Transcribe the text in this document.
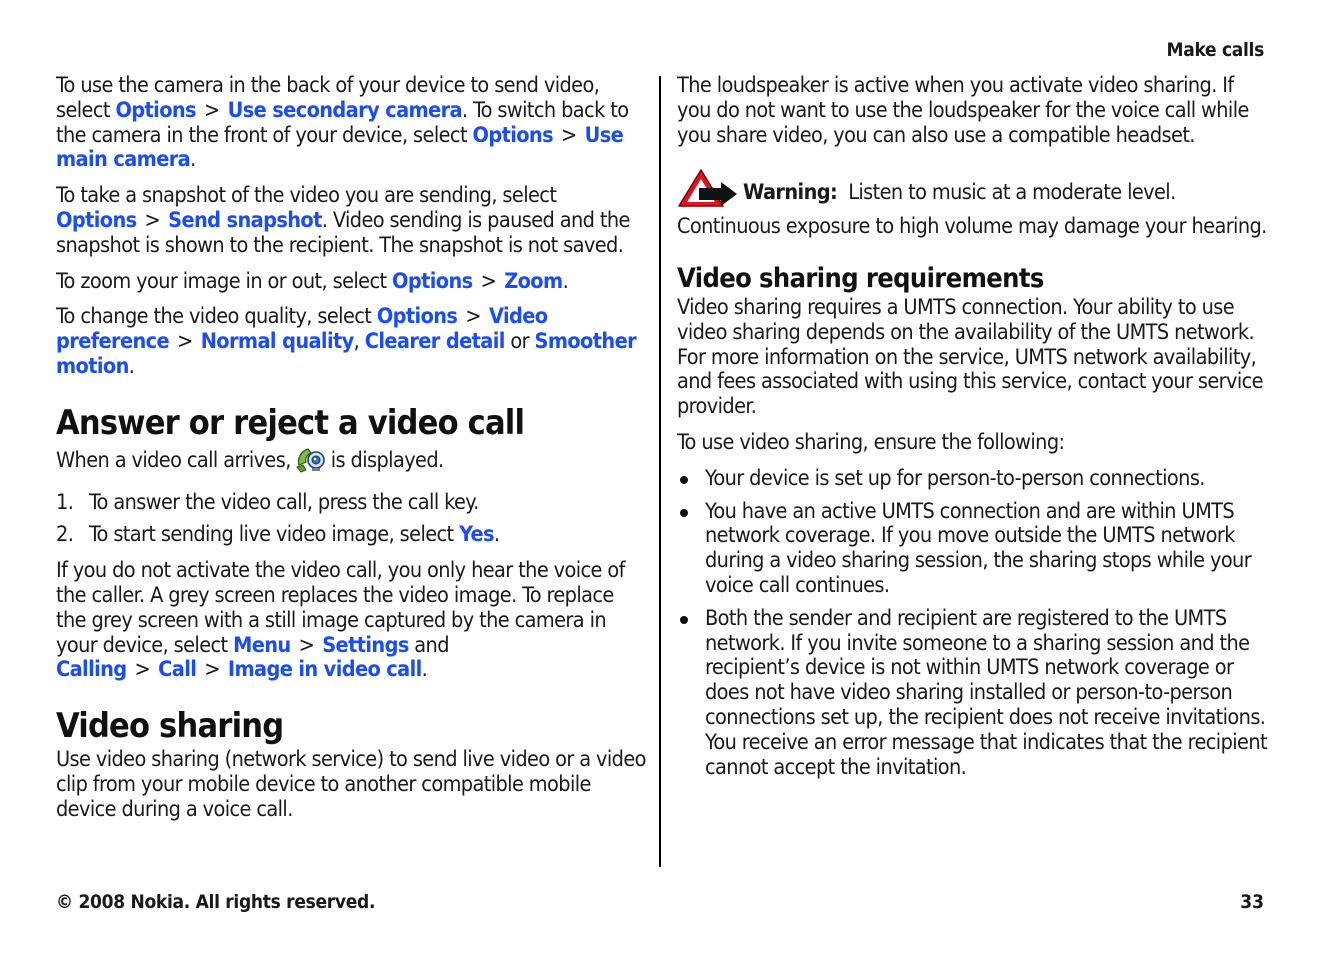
Make calls

To use the camera in the back of your device to send video, select Options > Use secondary camera. To switch back to the camera in the front of your device, select Options > Use main camera.

To take a snapshot of the video you are sending, select Options > Send snapshot. Video sending is paused and the snapshot is shown to the recipient. The snapshot is not saved.

To zoom your image in or out, select Options > Zoom.

To change the video quality, select Options > Video preference > Normal quality, Clearer detail or Smoother motion.

Answer or reject a video call

When a video call arrives, is displayed.

1. To answer the video call, press the call key.
2. To start sending live video image, select Yes.

If you do not activate the video call, you only hear the voice of the caller. A grey screen replaces the video image. To replace the grey screen with a still image captured by the camera in your device, select Menu > Settings and Calling > Call > Image in video call.

Video sharing

Use video sharing (network service) to send live video or a video clip from your mobile device to another compatible mobile device during a voice call.

The loudspeaker is active when you activate video sharing. If you do not want to use the loudspeaker for the voice call while you share video, you can also use a compatible headset.

Warning: Listen to music at a moderate level. Continuous exposure to high volume may damage your hearing.

Video sharing requirements

Video sharing requires a UMTS connection. Your ability to use video sharing depends on the availability of the UMTS network. For more information on the service, UMTS network availability, and fees associated with using this service, contact your service provider.

To use video sharing, ensure the following:

Your device is set up for person-to-person connections.
You have an active UMTS connection and are within UMTS network coverage. If you move outside the UMTS network during a video sharing session, the sharing stops while your voice call continues.
Both the sender and recipient are registered to the UMTS network. If you invite someone to a sharing session and the recipient’s device is not within UMTS network coverage or does not have video sharing installed or person-to-person connections set up, the recipient does not receive invitations. You receive an error message that indicates that the recipient cannot accept the invitation.
© 2008 Nokia. All rights reserved.	33
